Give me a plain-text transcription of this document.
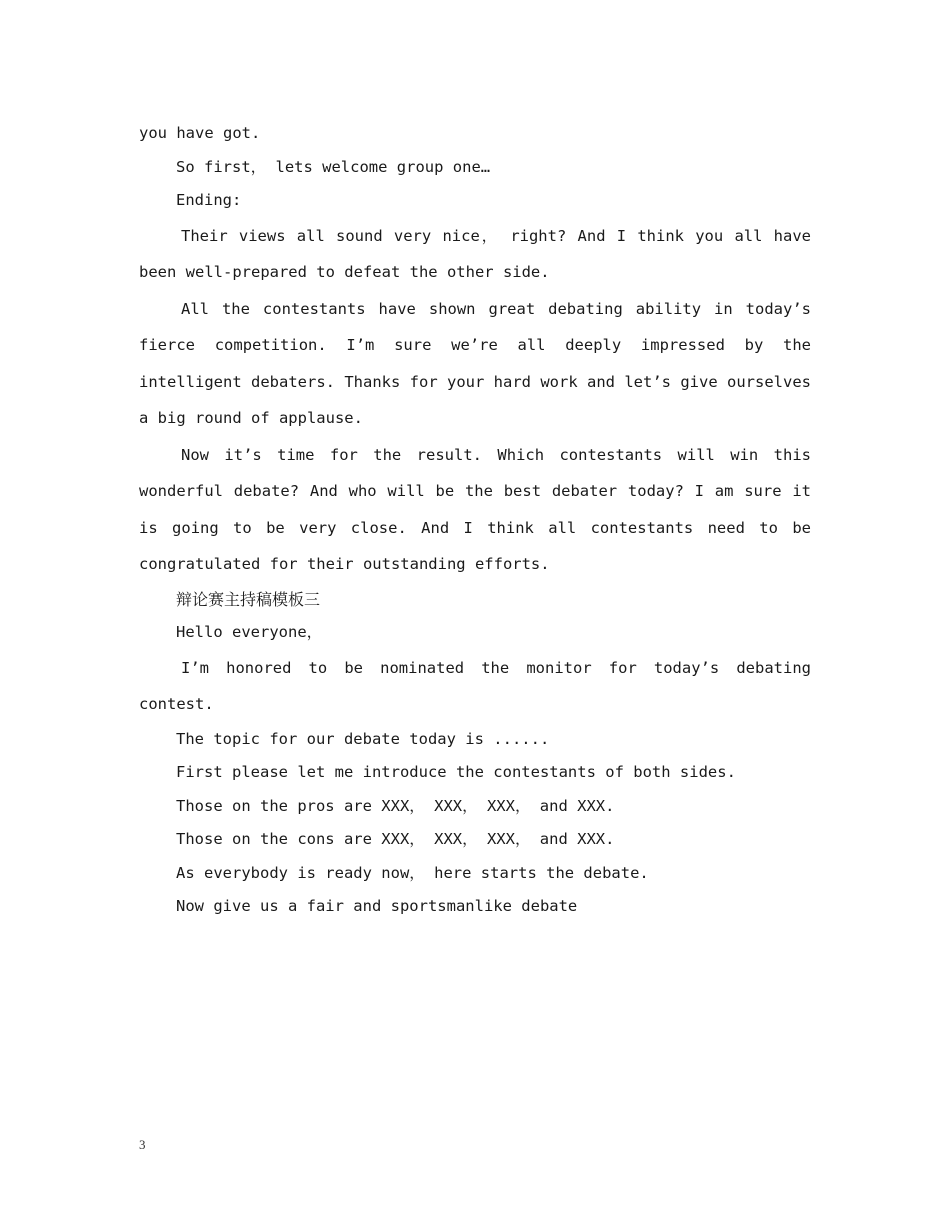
you have got.

So first， lets welcome group one…

Ending:

Their views all sound very nice， right? And I think you all have been well-prepared to defeat the other side.

All the contestants have shown great debating ability in today’s fierce competition. I’m sure we’re all deeply impressed by the intelligent debaters. Thanks for your hard work and let’s give ourselves a big round of applause.

Now it’s time for the result. Which contestants will win this wonderful debate? And who will be the best debater today? I am sure it is going to be very close. And I think all contestants need to be congratulated for their outstanding efforts.

辩论赛主持稿模板三

Hello everyone，

I’m honored to be nominated the monitor for today’s debating contest.

The topic for our debate today is ......

First please let me introduce the contestants of both sides.

Those on the pros are XXX， XXX， XXX， and XXX.

Those on the cons are XXX， XXX， XXX， and XXX.

As everybody is ready now， here starts the debate.

Now give us a fair and sportsmanlike debate

3
